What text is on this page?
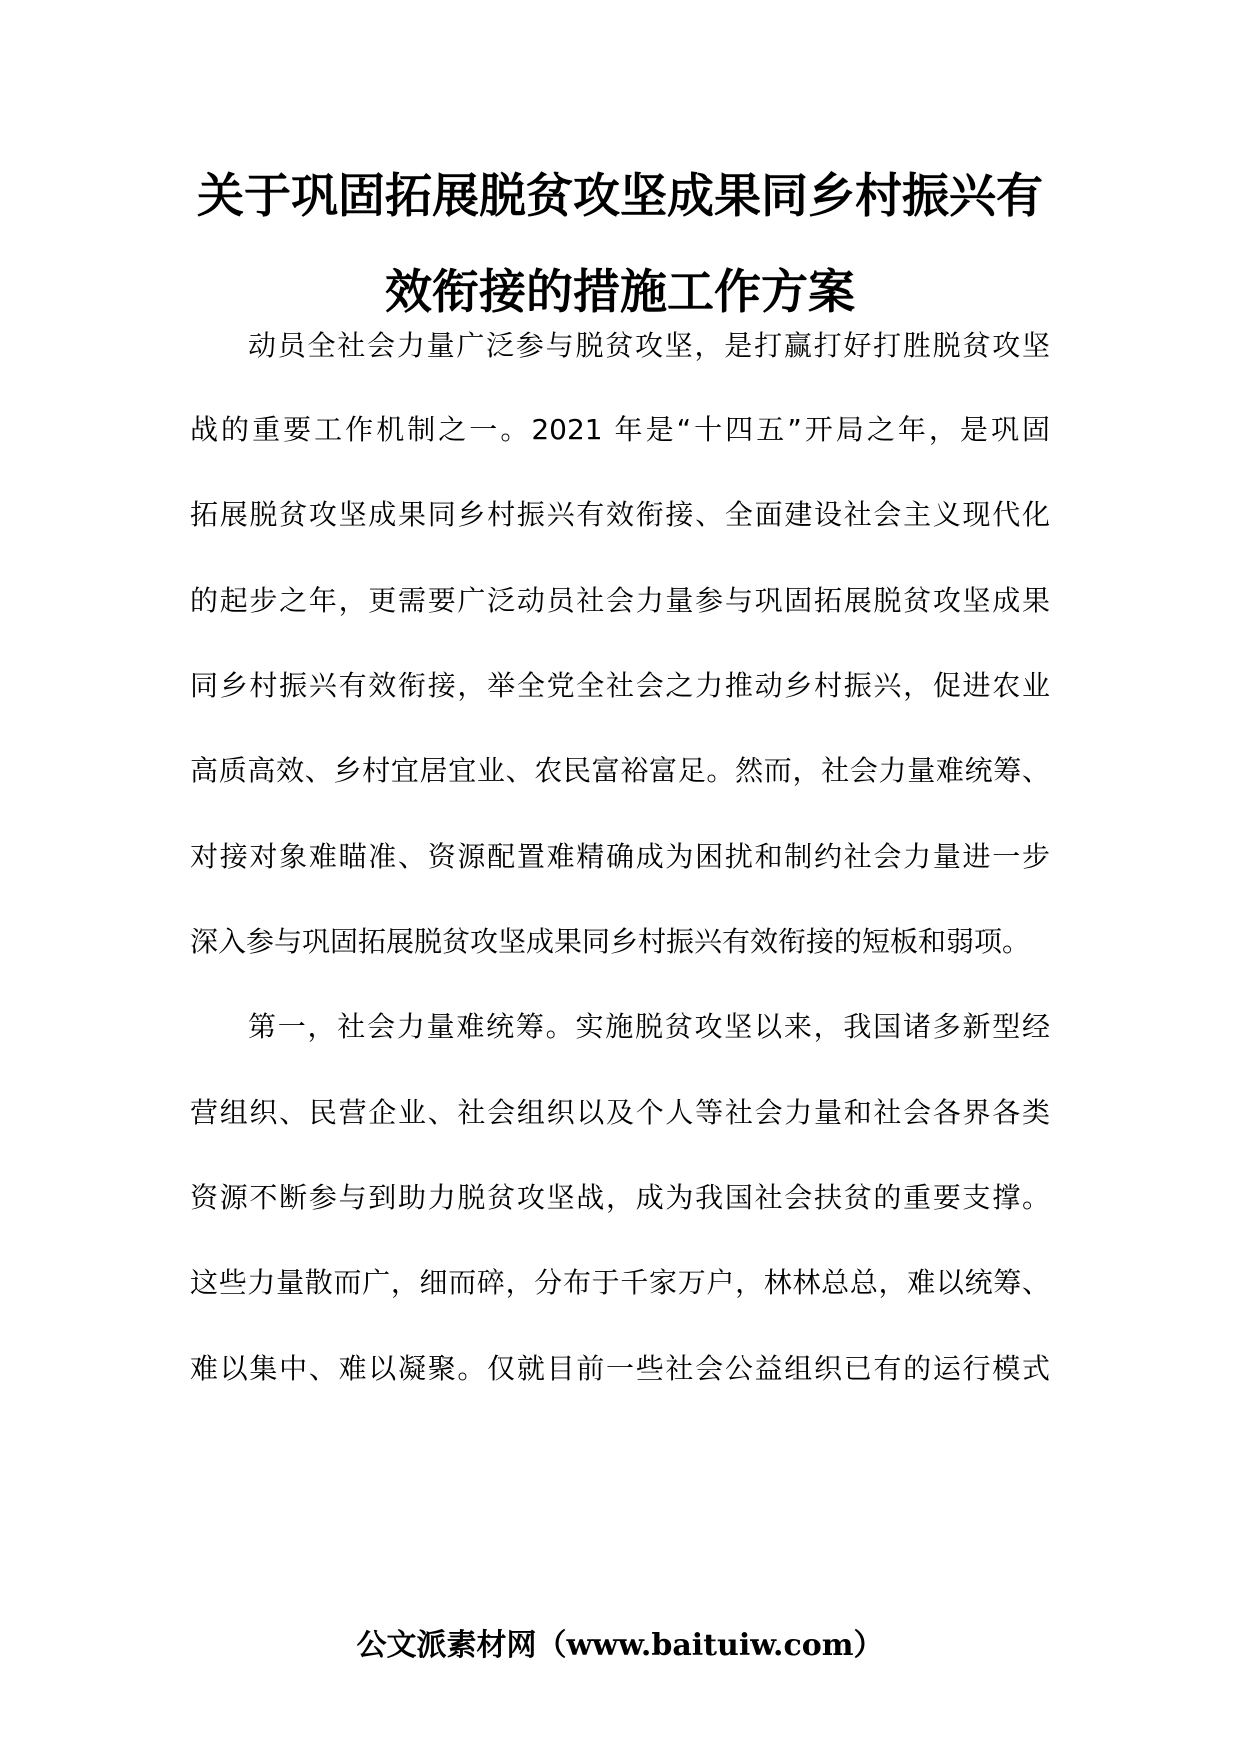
关于巩固拓展脱贫攻坚成果同乡村振兴有
效衔接的措施工作方案
动员全社会力量广泛参与脱贫攻坚，是打赢打好打胜脱贫攻坚
战的重要工作机制之一。2021 年是“十四五”开局之年，是巩固
拓展脱贫攻坚成果同乡村振兴有效衔接、全面建设社会主义现代化
的起步之年，更需要广泛动员社会力量参与巩固拓展脱贫攻坚成果
同乡村振兴有效衔接，举全党全社会之力推动乡村振兴，促进农业
高质高效、乡村宜居宜业、农民富裕富足。然而，社会力量难统筹、
对接对象难瞄准、资源配置难精确成为困扰和制约社会力量进一步
深入参与巩固拓展脱贫攻坚成果同乡村振兴有效衔接的短板和弱项。
第一，社会力量难统筹。实施脱贫攻坚以来，我国诸多新型经
营组织、民营企业、社会组织以及个人等社会力量和社会各界各类
资源不断参与到助力脱贫攻坚战，成为我国社会扶贫的重要支撑。
这些力量散而广，细而碎，分布于千家万户，林林总总，难以统筹、
难以集中、难以凝聚。仅就目前一些社会公益组织已有的运行模式
公文派素材网（www.baituiw.com）
